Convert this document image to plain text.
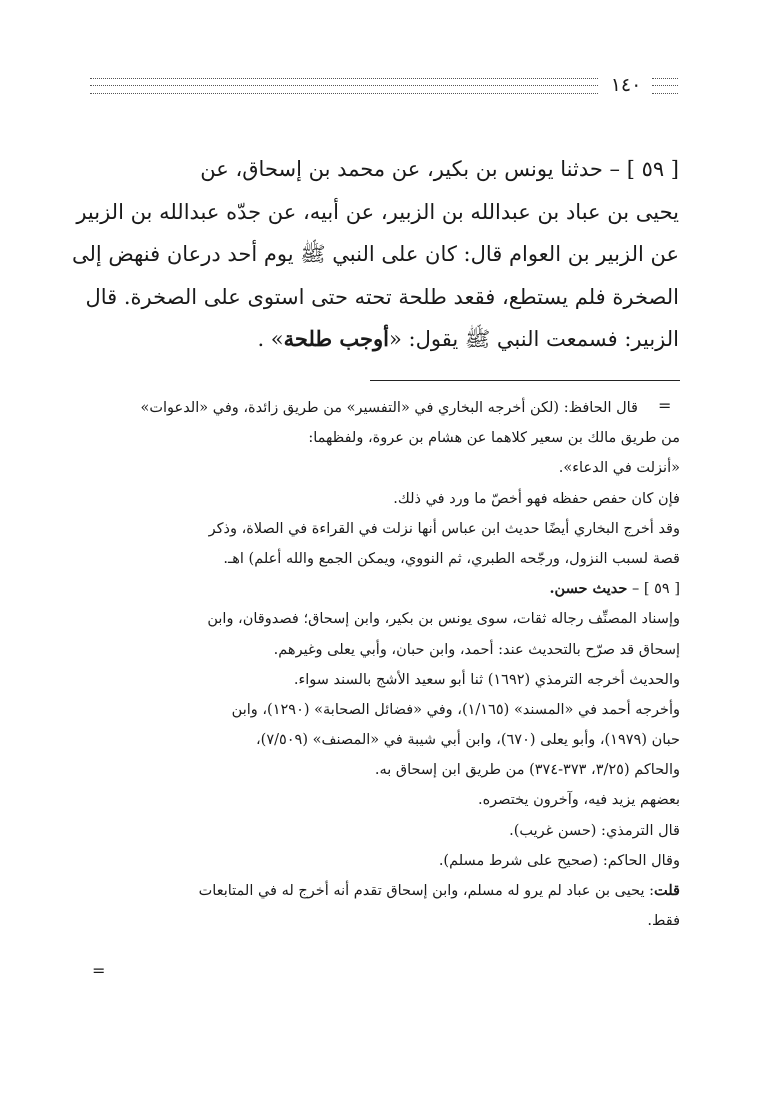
١٤٠

[ ٥٩ ] – حدثنا يونس بن بكير، عن محمد بن إسحاق، عن

يحيى بن عباد بن عبدالله بن الزبير، عن أبيه، عن جدّه عبدالله بن الزبير

عن الزبير بن العوام قال: كان على النبي ﷺ يوم أحد درعان فنهض إلى

الصخرة فلم يستطع، فقعد طلحة تحته حتى استوى على الصخرة. قال

الزبير: فسمعت النبي ﷺ يقول: «أوجب طلحة» .

=

قال الحافظ: (لكن أخرجه البخاري في «التفسير» من طريق زائدة، وفي «الدعوات»

من طريق مالك بن سعير كلاهما عن هشام بن عروة، ولفظهما:

«أنزلت في الدعاء».

فإن كان حفص حفظه فهو أخصّ ما ورد في ذلك.

وقد أخرج البخاري أيضًا حديث ابن عباس أنها نزلت في القراءة في الصلاة، وذكر

قصة لسبب النزول، ورجّحه الطبري، ثم النووي، ويمكن الجمع والله أعلم) اهـ.

[ ٥٩ ] – حديث حسن.

وإسناد المصنِّف رجاله ثقات، سوى يونس بن بكير، وابن إسحاق؛ فصدوقان، وابن

إسحاق قد صرّح بالتحديث عند: أحمد، وابن حبان، وأبي يعلى وغيرهم.

والحديث أخرجه الترمذي (١٦٩٢) ثنا أبو سعيد الأشج بالسند سواء.

وأخرجه أحمد في «المسند» (١/١٦٥)، وفي «فضائل الصحابة» (١٢٩٠)، وابن

حبان (١٩٧٩)، وأبو يعلى (٦٧٠)، وابن أبي شيبة في «المصنف» (٧/٥٠٩)،

والحاكم (٣/٢٥، ٣٧٣-٣٧٤) من طريق ابن إسحاق به.

بعضهم يزيد فيه، وآخرون يختصره.

قال الترمذي: (حسن غريب).

وقال الحاكم: (صحيح على شرط مسلم).

قلت: يحيى بن عباد لم يرو له مسلم، وابن إسحاق تقدم أنه أخرج له في المتابعات

فقط.

=
